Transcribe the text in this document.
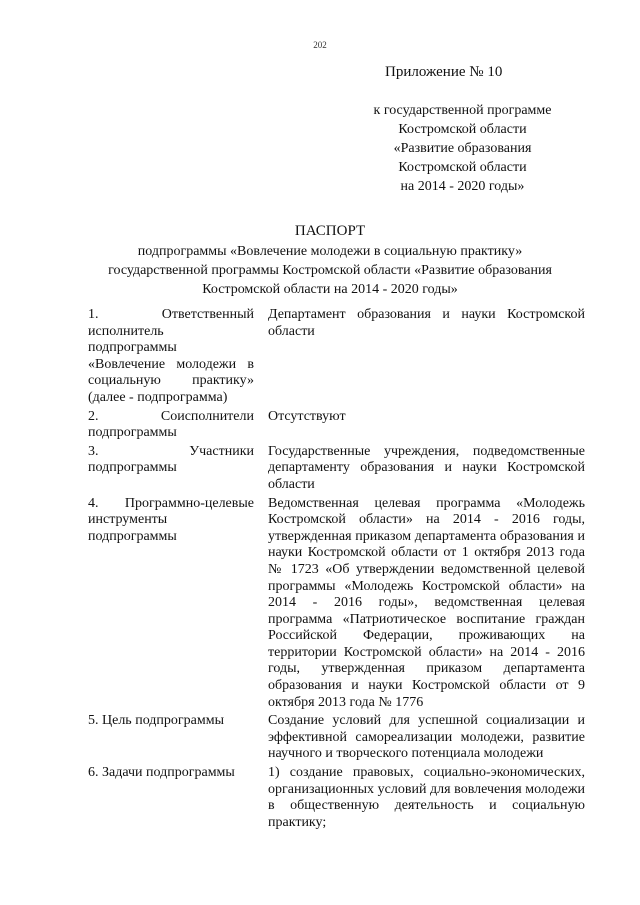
202
Приложение № 10
к государственной программе
Костромской области
«Развитие образования
Костромской области
на 2014 - 2020 годы»
ПАСПОРТ
подпрограммы «Вовлечение молодежи в социальную практику»
государственной программы Костромской области «Развитие образования
Костромской области на 2014 - 2020 годы»
1. Ответственный исполнитель подпрограммы «Вовлечение молодежи в социальную практику» (далее - подпрограмма)	Департамент образования и науки Костромской области
2. Соисполнители подпрограммы	Отсутствуют
3. Участники подпрограммы	Государственные учреждения, подведомственные департаменту образования и науки Костромской области
4. Программно-целевые инструменты подпрограммы	Ведомственная целевая программа «Молодежь Костромской области» на 2014 - 2016 годы, утвержденная приказом департамента образования и науки Костромской области от 1 октября 2013 года № 1723 «Об утверждении ведомственной целевой программы «Молодежь Костромской области» на 2014 - 2016 годы», ведомственная целевая программа «Патриотическое воспитание граждан Российской Федерации, проживающих на территории Костромской области» на 2014 - 2016 годы, утвержденная приказом департамента образования и науки Костромской области от 9 октября 2013 года № 1776
5. Цель подпрограммы	Создание условий для успешной социализации и эффективной самореализации молодежи, развитие научного и творческого потенциала молодежи
6. Задачи подпрограммы	1) создание правовых, социально-экономических, организационных условий для вовлечения молодежи в общественную деятельность и социальную практику;
